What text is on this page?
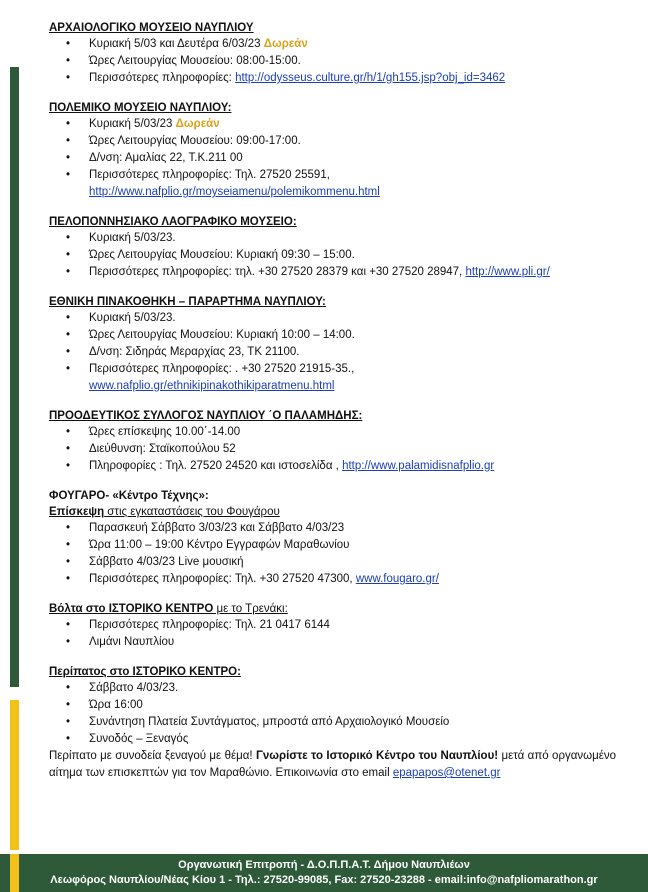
ΑΡΧΑΙΟΛΟΓΙΚΟ ΜΟΥΣΕΙΟ ΝΑΥΠΛΙΟΥ
• Κυριακή 5/03 και Δευτέρα 6/03/23 Δωρεάν
• Ώρες Λειτουργίας Μουσείου: 08:00-15:00.
• Περισσότερες πληροφορίες: http://odysseus.culture.gr/h/1/gh155.jsp?obj_id=3462
ΠΟΛΕΜΙΚΟ ΜΟΥΣΕΙΟ ΝΑΥΠΛΙΟΥ:
• Κυριακή 5/03/23 Δωρεάν
• Ώρες Λειτουργίας Μουσείου: 09:00-17:00.
• Δ/νση: Αμαλίας 22, Τ.Κ.211 00
• Περισσότερες πληροφορίες: Τηλ. 27520 25591,
http://www.nafplio.gr/moyseiamenu/polemikommenu.html
ΠΕΛΟΠΟΝΝΗΣΙΑΚΟ ΛΑΟΓΡΑΦΙΚΟ ΜΟΥΣΕΙΟ:
• Κυριακή 5/03/23.
• Ώρες Λειτουργίας Μουσείου: Κυριακή 09:30 – 15:00.
• Περισσότερες πληροφορίες: τηλ. +30 27520 28379 και +30 27520 28947, http://www.pli.gr/
ΕΘΝΙΚΗ ΠΙΝΑΚΟΘΗΚΗ – ΠΑΡΑΡΤΗΜΑ ΝΑΥΠΛΙΟΥ:
• Κυριακή 5/03/23.
• Ώρες Λειτουργίας Μουσείου: Κυριακή 10:00 – 14:00.
• Δ/νση: Σιδηράς Μεραρχίας 23, ΤΚ 21100.
• Περισσότερες πληροφορίες: . +30 27520 21915-35.,
www.nafplio.gr/ethnikipinakothikiparatmenu.html
ΠΡΟΟΔΕΥΤΙΚΟΣ ΣΥΛΛΟΓΟΣ ΝΑΥΠΛΙΟΥ ΄Ο ΠΑΛΑΜΗΔΗΣ:
• Ώρες επίσκεψης 10.00΄-14.00
• Διεύθυνση: Σταϊκοπούλου 52
• Πληροφορίες : Τηλ. 27520 24520 και ιστοσελίδα , http://www.palamidisnafplio.gr
ΦΟΥΓΑΡΟ- «Κέντρο Τέχνης»:
Επίσκεψη στις εγκαταστάσεις του Φουγάρου
• Παρασκευή Σάββατο 3/03/23 και Σάββατο 4/03/23
• Ώρα 11:00 – 19:00 Κέντρο Εγγραφών Μαραθωνίου
• Σάββατο 4/03/23 Live μουσική
• Περισσότερες πληροφορίες: Τηλ. +30 27520 47300, www.fougaro.gr/
Βόλτα στο ΙΣΤΟΡΙΚΟ ΚΕΝΤΡΟ με το Τρενάκι:
• Περισσότερες πληροφορίες: Τηλ. 21 0417 6144
• Λιμάνι Ναυπλίου
Περίπατος στο ΙΣΤΟΡΙΚΟ ΚΕΝΤΡΟ:
• Σάββατο 4/03/23.
• Ώρα 16:00
• Συνάντηση Πλατεία Συντάγματος, μπροστά από Αρχαιολογικό Μουσείο
• Συνοδός – Ξεναγός
Περίπατο με συνοδεία ξεναγού με θέμα! Γνωρίστε το Ιστορικό Κέντρο του Ναυπλίου! μετά από οργανωμένο αίτημα των επισκεπτών για τον Μαραθώνιο. Επικοινωνία στο email epapapos@otenet.gr
Οργανωτική Επιτροπή - Δ.Ο.Π.Π.Α.Τ. Δήμου Ναυπλιέων
Λεωφόρος Ναυπλίου/Νέας Κίου 1 - Τηλ.: 27520-99085, Fax: 27520-23288 - email:info@nafpliomarathon.gr
